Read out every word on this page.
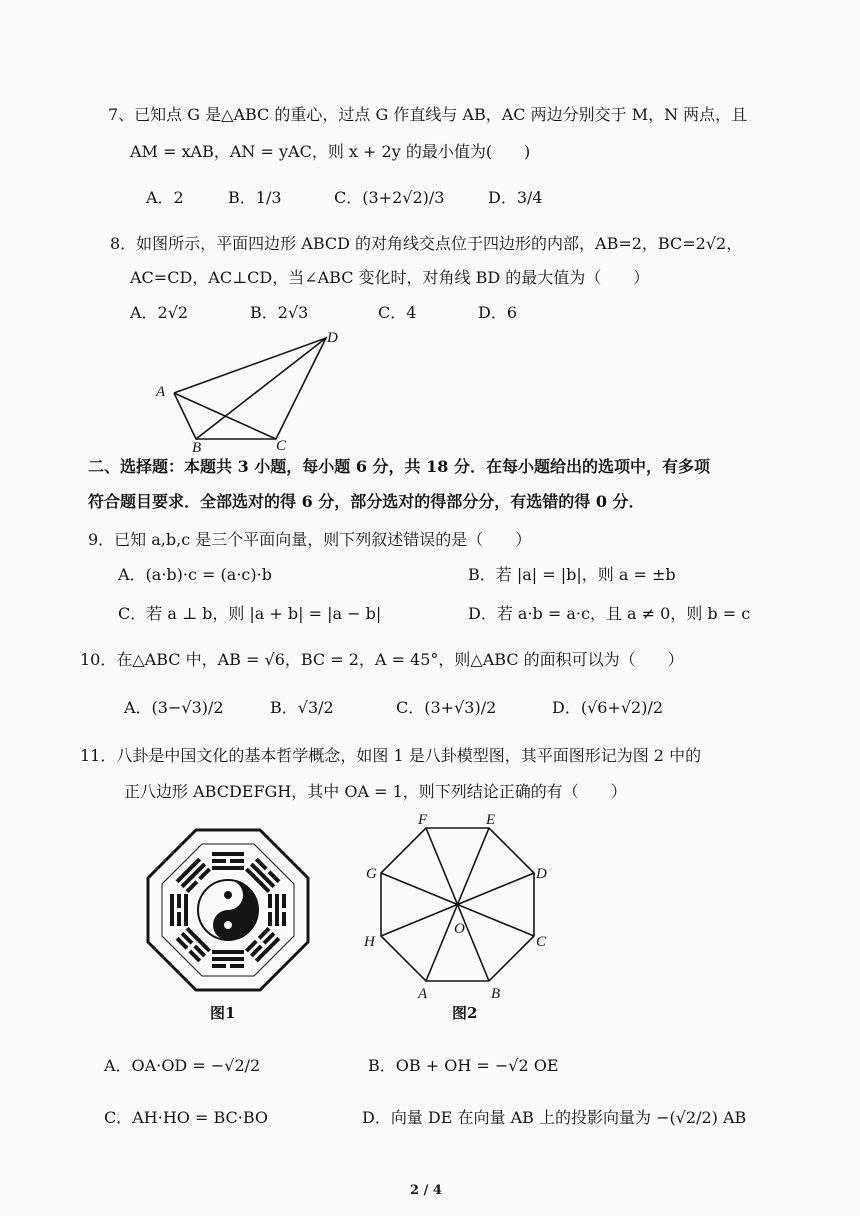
7、已知点 G 是△ABC 的重心，过点 G 作直线与 AB，AC 两边分别交于 M，N 两点，且
AM = xAB，AN = yAC，则 x + 2y 的最小值为(　　)
A．2	B．1/3	C．(3+2√2)/3	D．3/4
8．如图所示，平面四边形 ABCD 的对角线交点位于四边形的内部，AB=2，BC=2√2，
AC=CD，AC⊥CD，当∠ABC 变化时，对角线 BD 的最大值为（　　）
A．2√2	B．2√3	C．4	D．6
A
B	C
D
二、选择题：本题共 3 小题，每小题 6 分，共 18 分．在每小题给出的选项中，有多项
符合题目要求．全部选对的得 6 分，部分选对的得部分分，有选错的得 0 分．
9．已知 a,b,c 是三个平面向量，则下列叙述错误的是（　　）
A．(a·b)·c = (a·c)·b	B．若 |a| = |b|，则 a = ±b
C．若 a ⊥ b，则 |a + b| = |a − b|	D．若 a·b = a·c，且 a ≠ 0，则 b = c
10．在△ABC 中，AB = √6，BC = 2，A = 45°，则△ABC 的面积可以为（　　）
A．(3−√3)/2	B．√3/2	C．(3+√3)/2	D．(√6+√2)/2
11．八卦是中国文化的基本哲学概念，如图 1 是八卦模型图，其平面图形记为图 2 中的
正八边形 ABCDEFGH，其中 OA = 1，则下列结论正确的有（　　）
图1
A	B
C
D
E
F
G
H
O
图2
A．OA·OD = −√2/2	B．OB + OH = −√2 OE
C．AH·HO = BC·BO	D．向量 DE 在向量 AB 上的投影向量为 −(√2/2) AB
2 / 4
